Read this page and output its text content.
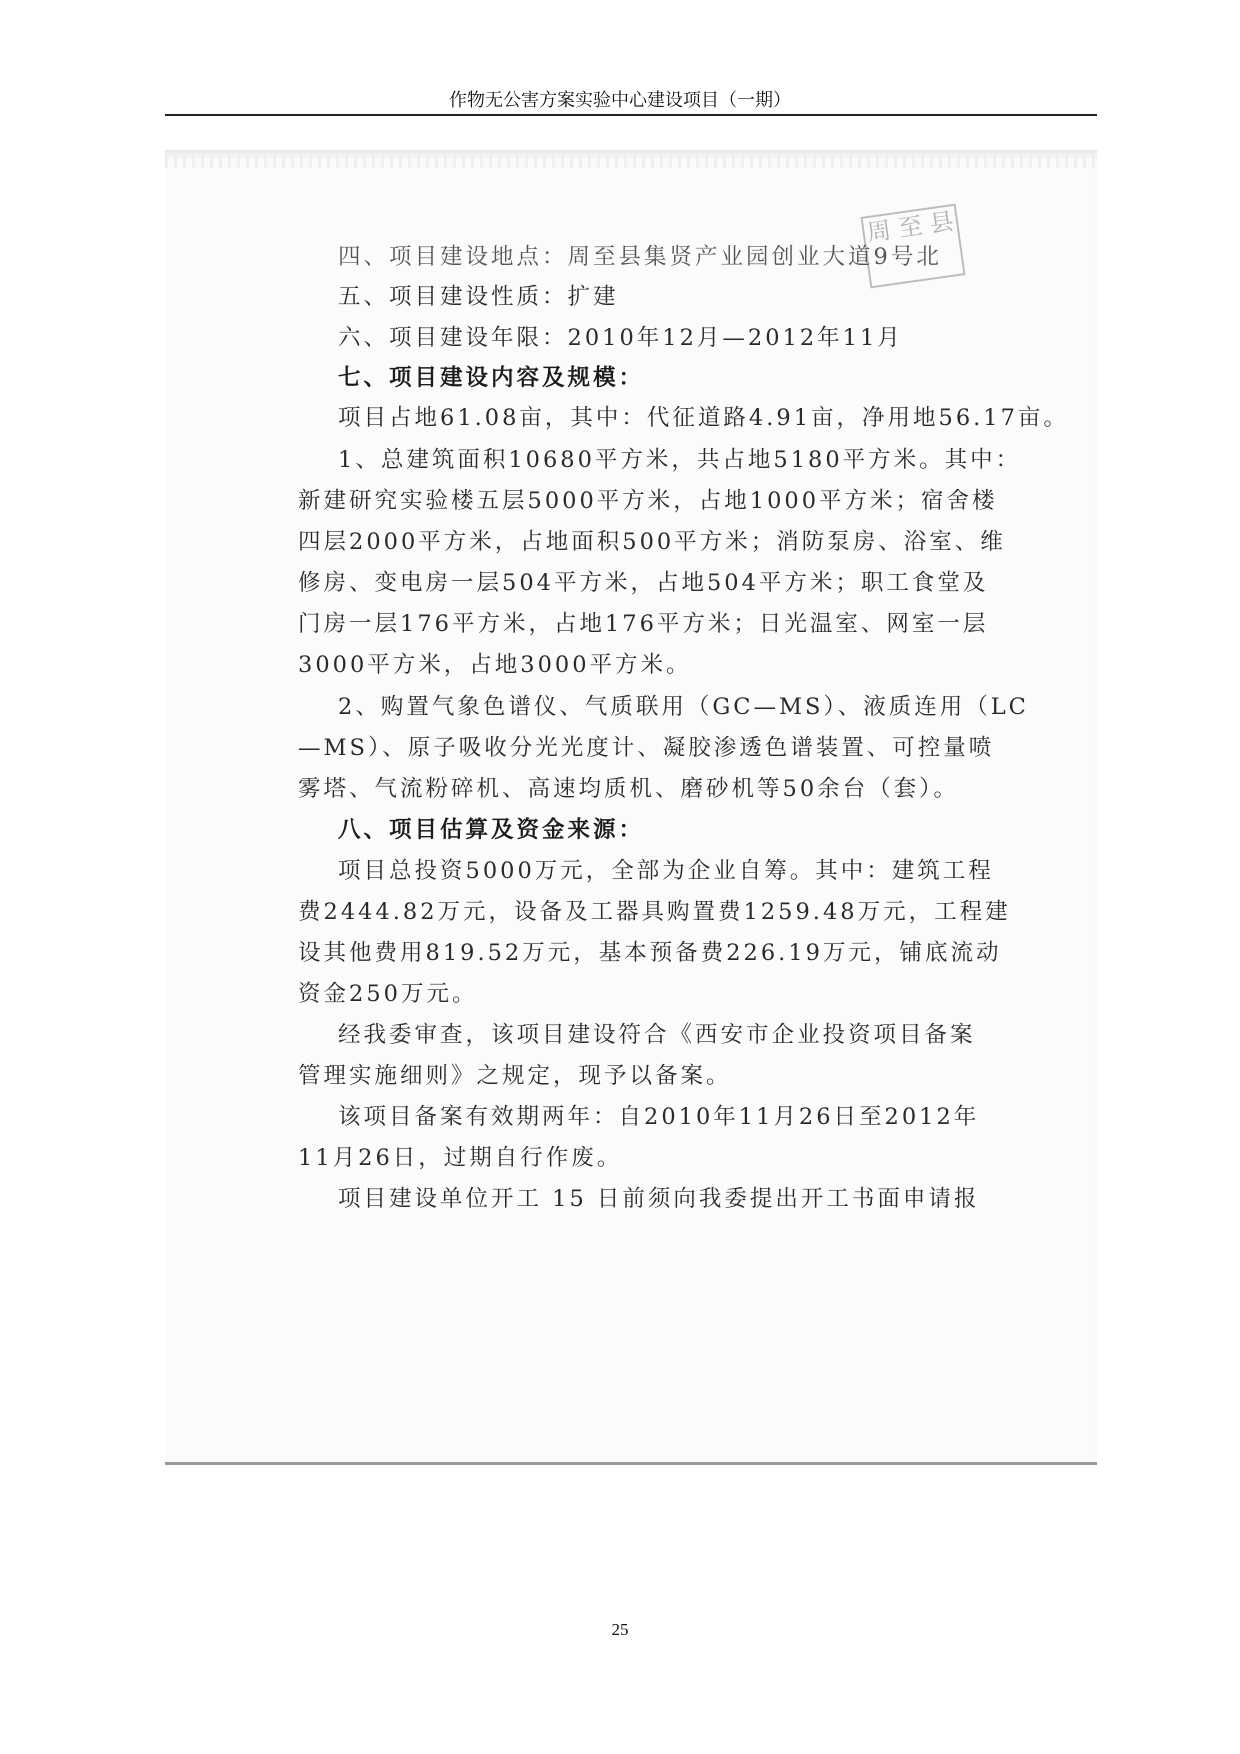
作物无公害方案实验中心建设项目（一期）
周 至 县
四、项目建设地点：周至县集贤产业园创业大道9号北
五、项目建设性质：扩建
六、项目建设年限：2010年12月—2012年11月
七、项目建设内容及规模：
项目占地61.08亩，其中：代征道路4.91亩，净用地56.17亩。
1、总建筑面积10680平方米，共占地5180平方米。其中：
新建研究实验楼五层5000平方米，占地1000平方米；宿舍楼
四层2000平方米，占地面积500平方米；消防泵房、浴室、维
修房、变电房一层504平方米，占地504平方米；职工食堂及
门房一层176平方米，占地176平方米；日光温室、网室一层
3000平方米，占地3000平方米。
2、购置气象色谱仪、气质联用（GC—MS）、液质连用（LC
—MS）、原子吸收分光光度计、凝胶渗透色谱装置、可控量喷
雾塔、气流粉碎机、高速均质机、磨砂机等50余台（套）。
八、项目估算及资金来源：
项目总投资5000万元，全部为企业自筹。其中：建筑工程
费2444.82万元，设备及工器具购置费1259.48万元，工程建
设其他费用819.52万元，基本预备费226.19万元，铺底流动
资金250万元。
经我委审查，该项目建设符合《西安市企业投资项目备案
管理实施细则》之规定，现予以备案。
该项目备案有效期两年：自2010年11月26日至2012年
11月26日，过期自行作废。
项目建设单位开工 15 日前须向我委提出开工书面申请报
25
